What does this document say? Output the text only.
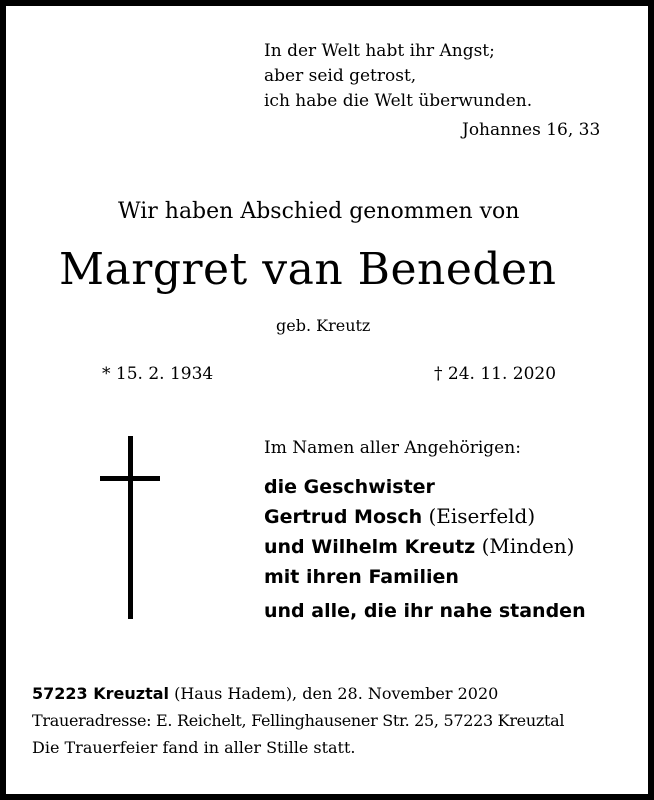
In der Welt habt ihr Angst;
aber seid getrost,
ich habe die Welt überwunden.
Johannes 16, 33
Wir haben Abschied genommen von
Margret van Beneden
geb. Kreutz
* 15. 2. 1934	† 24. 11. 2020
Im Namen aller Angehörigen:
die Geschwister
Gertrud Mosch (Eiserfeld)
und Wilhelm Kreutz (Minden)
mit ihren Familien
und alle, die ihr nahe standen
57223 Kreuztal (Haus Hadem), den 28. November 2020
Traueradresse: E. Reichelt, Fellinghausener Str. 25, 57223 Kreuztal
Die Trauerfeier fand in aller Stille statt.
